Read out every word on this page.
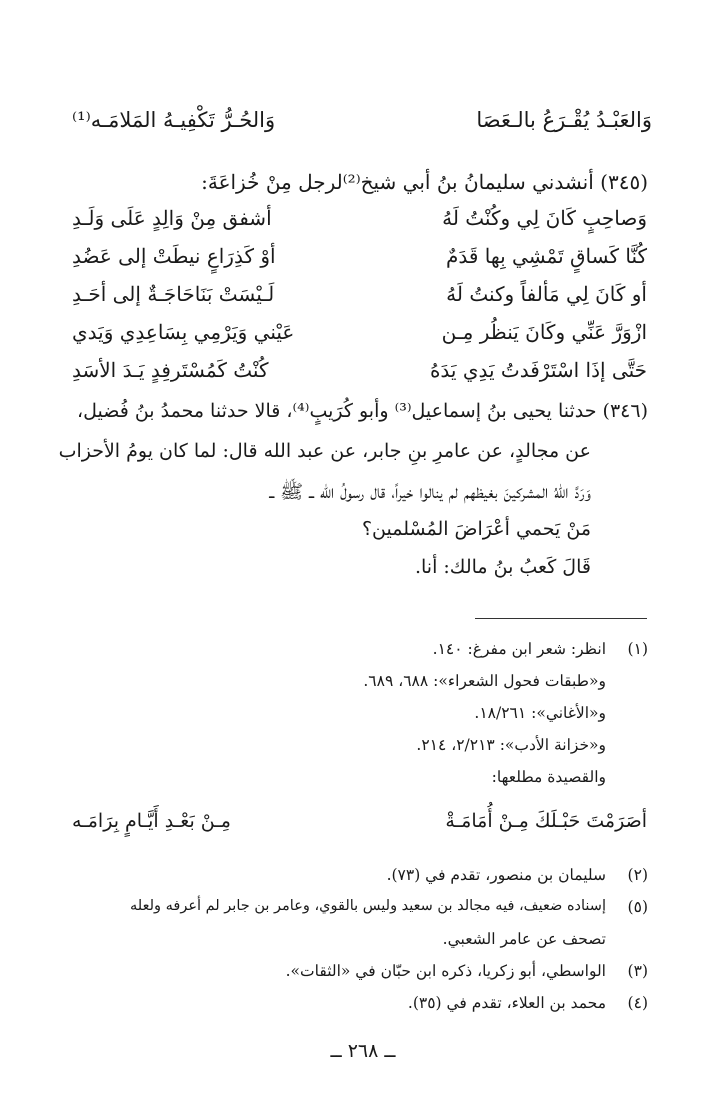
وَالعَبْـدُ يُقْـرَعُ بالـعَصَا
وَالحُـرُّ تَكْفِيـهُ المَلامَـه⁽¹⁾
(٣٤٥) أنشدني سليمانُ بنُ أبي شيخ⁽²⁾لرجل مِنْ خُزاعَةَ:
وَصاحِبٍ كَانَ لِي وكُنْتُ لَهُ
أشفق مِنْ وَالِدٍ عَلَى وَلَـدِ
كُنَّا كَساقٍ تَمْشِي بِها قَدَمٌ
أوْ كَذِرَاعٍ نيطَتْ إلى عَضُدِ
أو كَانَ لِي مَألفاً وكنتُ لَهُ
لَـيْسَتْ بَنَاحَاجَـةٌ إلى أحَـدِ
ازْوَرَّ عَنِّي وكَانَ يَنظُر مِـن
عَيْني وَيَرْمِي بِسَاعِدِي وَيَدي
حَتَّى إذَا اسْتَرْفَدتُ يَدِي يَدَهُ
كُنْتُ كَمُسْتَرفِدٍ يَـدَ الأسَدِ
(٣٤٦) حدثنا يحيى بنُ إسماعيل⁽³⁾ وأبو كُرَيبٍ⁽⁴⁾، قالا حدثنا محمدُ بنُ فُضيل،
عن مجالدٍ، عن عامرِ بنِ جابر، عن عبد الله قال: لما كان يومُ الأحزاب
وَرَدَّ اللهُ المشركينَ بغيظهم لم ينالوا خيراً، قال رسولُ الله ــ ﷺ ــ
مَنْ يَحمي أعْرَاضَ المُسْلمين؟
قَالَ كَعبُ بنُ مالك: أنا.
(١)
انظر: شعر ابن مفرغ: ١٤٠.
و«طبقات فحول الشعراء»: ٦٨٨، ٦٨٩.
و«الأغاني»: ١٨/٢٦١.
و«خزانة الأدب»: ٢/٢١٣، ٢١٤.
والقصيدة مطلعها:
أصَرَمْتَ حَبْـلَكَ مِـنْ أُمَامَـةْ
مِـنْ بَعْـدِ أَيَّـامٍ بِرَامَـه
(٢)
سليمان بن منصور، تقدم في (٧٣).
(٥)
إسناده ضعيف، فيه مجالد بن سعيد وليس بالقوي، وعامر بن جابر لم أعرفه ولعله
تصحف عن عامر الشعبي.
(٣)
الواسطي، أبو زكريا، ذكره ابن حبّان في «الثقات».
(٤)
محمد بن العلاء، تقدم في (٣٥).
ــ ٢٦٨ ــ
